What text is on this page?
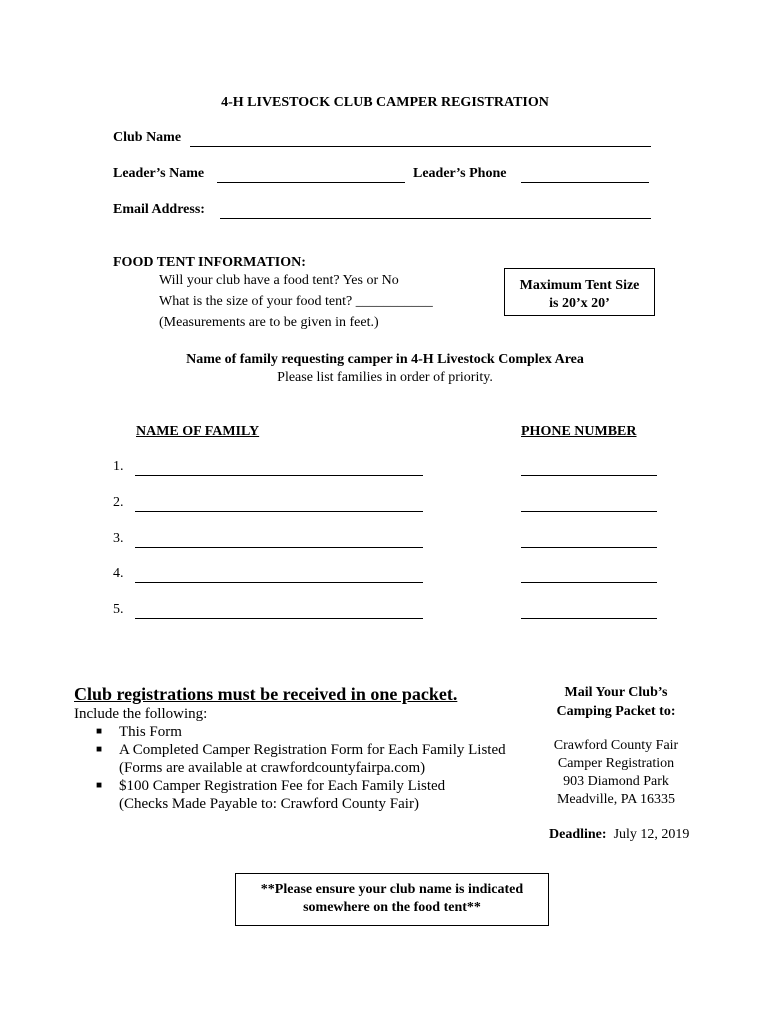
4-H LIVESTOCK CLUB CAMPER REGISTRATION
Club Name
Leader’s Name	Leader’s Phone
Email Address:
FOOD TENT INFORMATION:
Will your club have a food tent? Yes or No
What is the size of your food tent? ___________
(Measurements are to be given in feet.)
Maximum Tent Size
is 20’x 20’
Name of family requesting camper in 4-H Livestock Complex Area
Please list families in order of priority.
NAME OF FAMILY	PHONE NUMBER
1.
2.
3.
4.
5.
Club registrations must be received in one packet.
Include the following:
■ This Form
■ A Completed Camper Registration Form for Each Family Listed
(Forms are available at crawfordcountyfairpa.com)
■ $100 Camper Registration Fee for Each Family Listed
(Checks Made Payable to: Crawford County Fair)
Mail Your Club’s
Camping Packet to:
Crawford County Fair
Camper Registration
903 Diamond Park
Meadville, PA 16335
Deadline: July 12, 2019
**Please ensure your club name is indicated
somewhere on the food tent**
